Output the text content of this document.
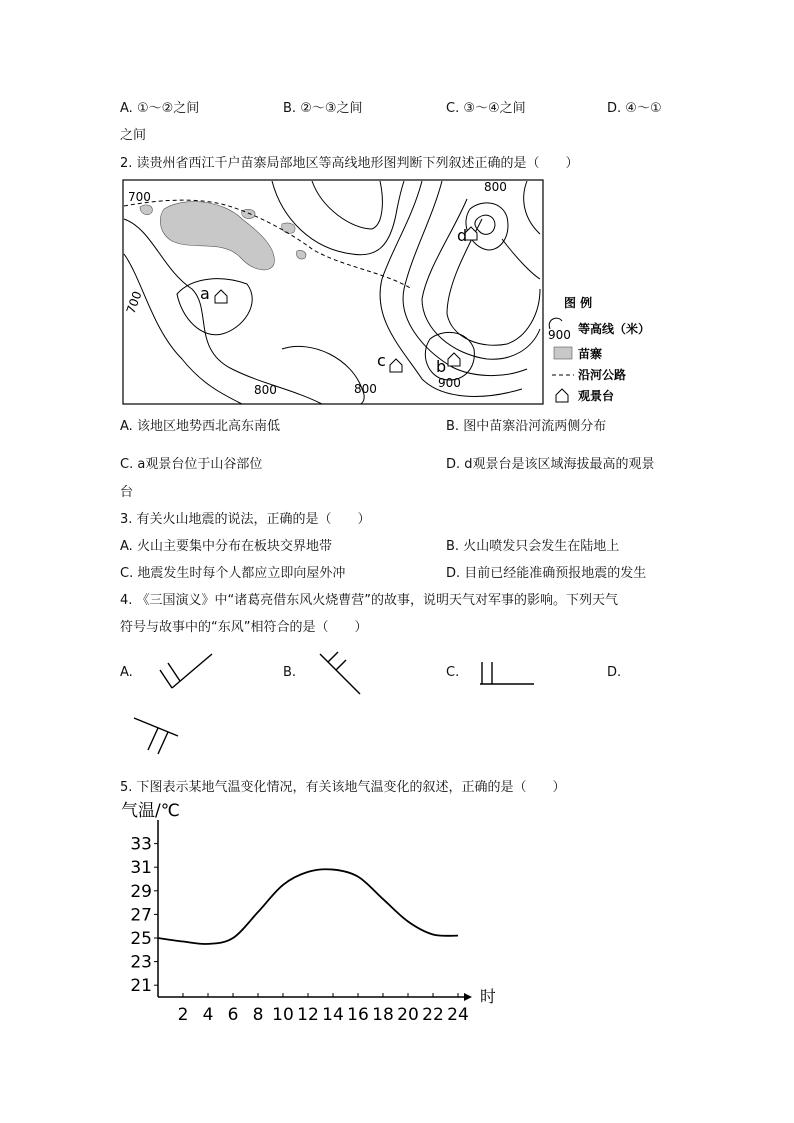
A. ①～②之间	B. ②～③之间	C. ③～④之间	D. ④～①
之间
2. 读贵州省西江千户苗寨局部地区等高线地形图判断下列叙述正确的是（　　）
700
800
700
800	800	900
a
b
c
d
图 例
900 等高线（米）
苗寨
沿河公路
观景台
A. 该地区地势西北高东南低	B. 图中苗寨沿河流两侧分布
C. a观景台位于山谷部位	D. d观景台是该区域海拔最高的观景
台
3. 有关火山地震的说法，正确的是（　　）
A. 火山主要集中分布在板块交界地带	B. 火山喷发只会发生在陆地上
C. 地震发生时每个人都应立即向屋外冲	D. 目前已经能准确预报地震的发生
4. 《三国演义》中“诸葛亮借东风火烧曹营”的故事，说明天气对军事的影响。下列天气
符号与故事中的“东风”相符合的是（　　）
A.	B.	C.	D.
5. 下图表示某地气温变化情况，有关该地气温变化的叙述，正确的是（　　）
21
23
25
27
29
31
33
2 4 6 8 10 12 14 16 18 20 22 24
气温/℃
时
